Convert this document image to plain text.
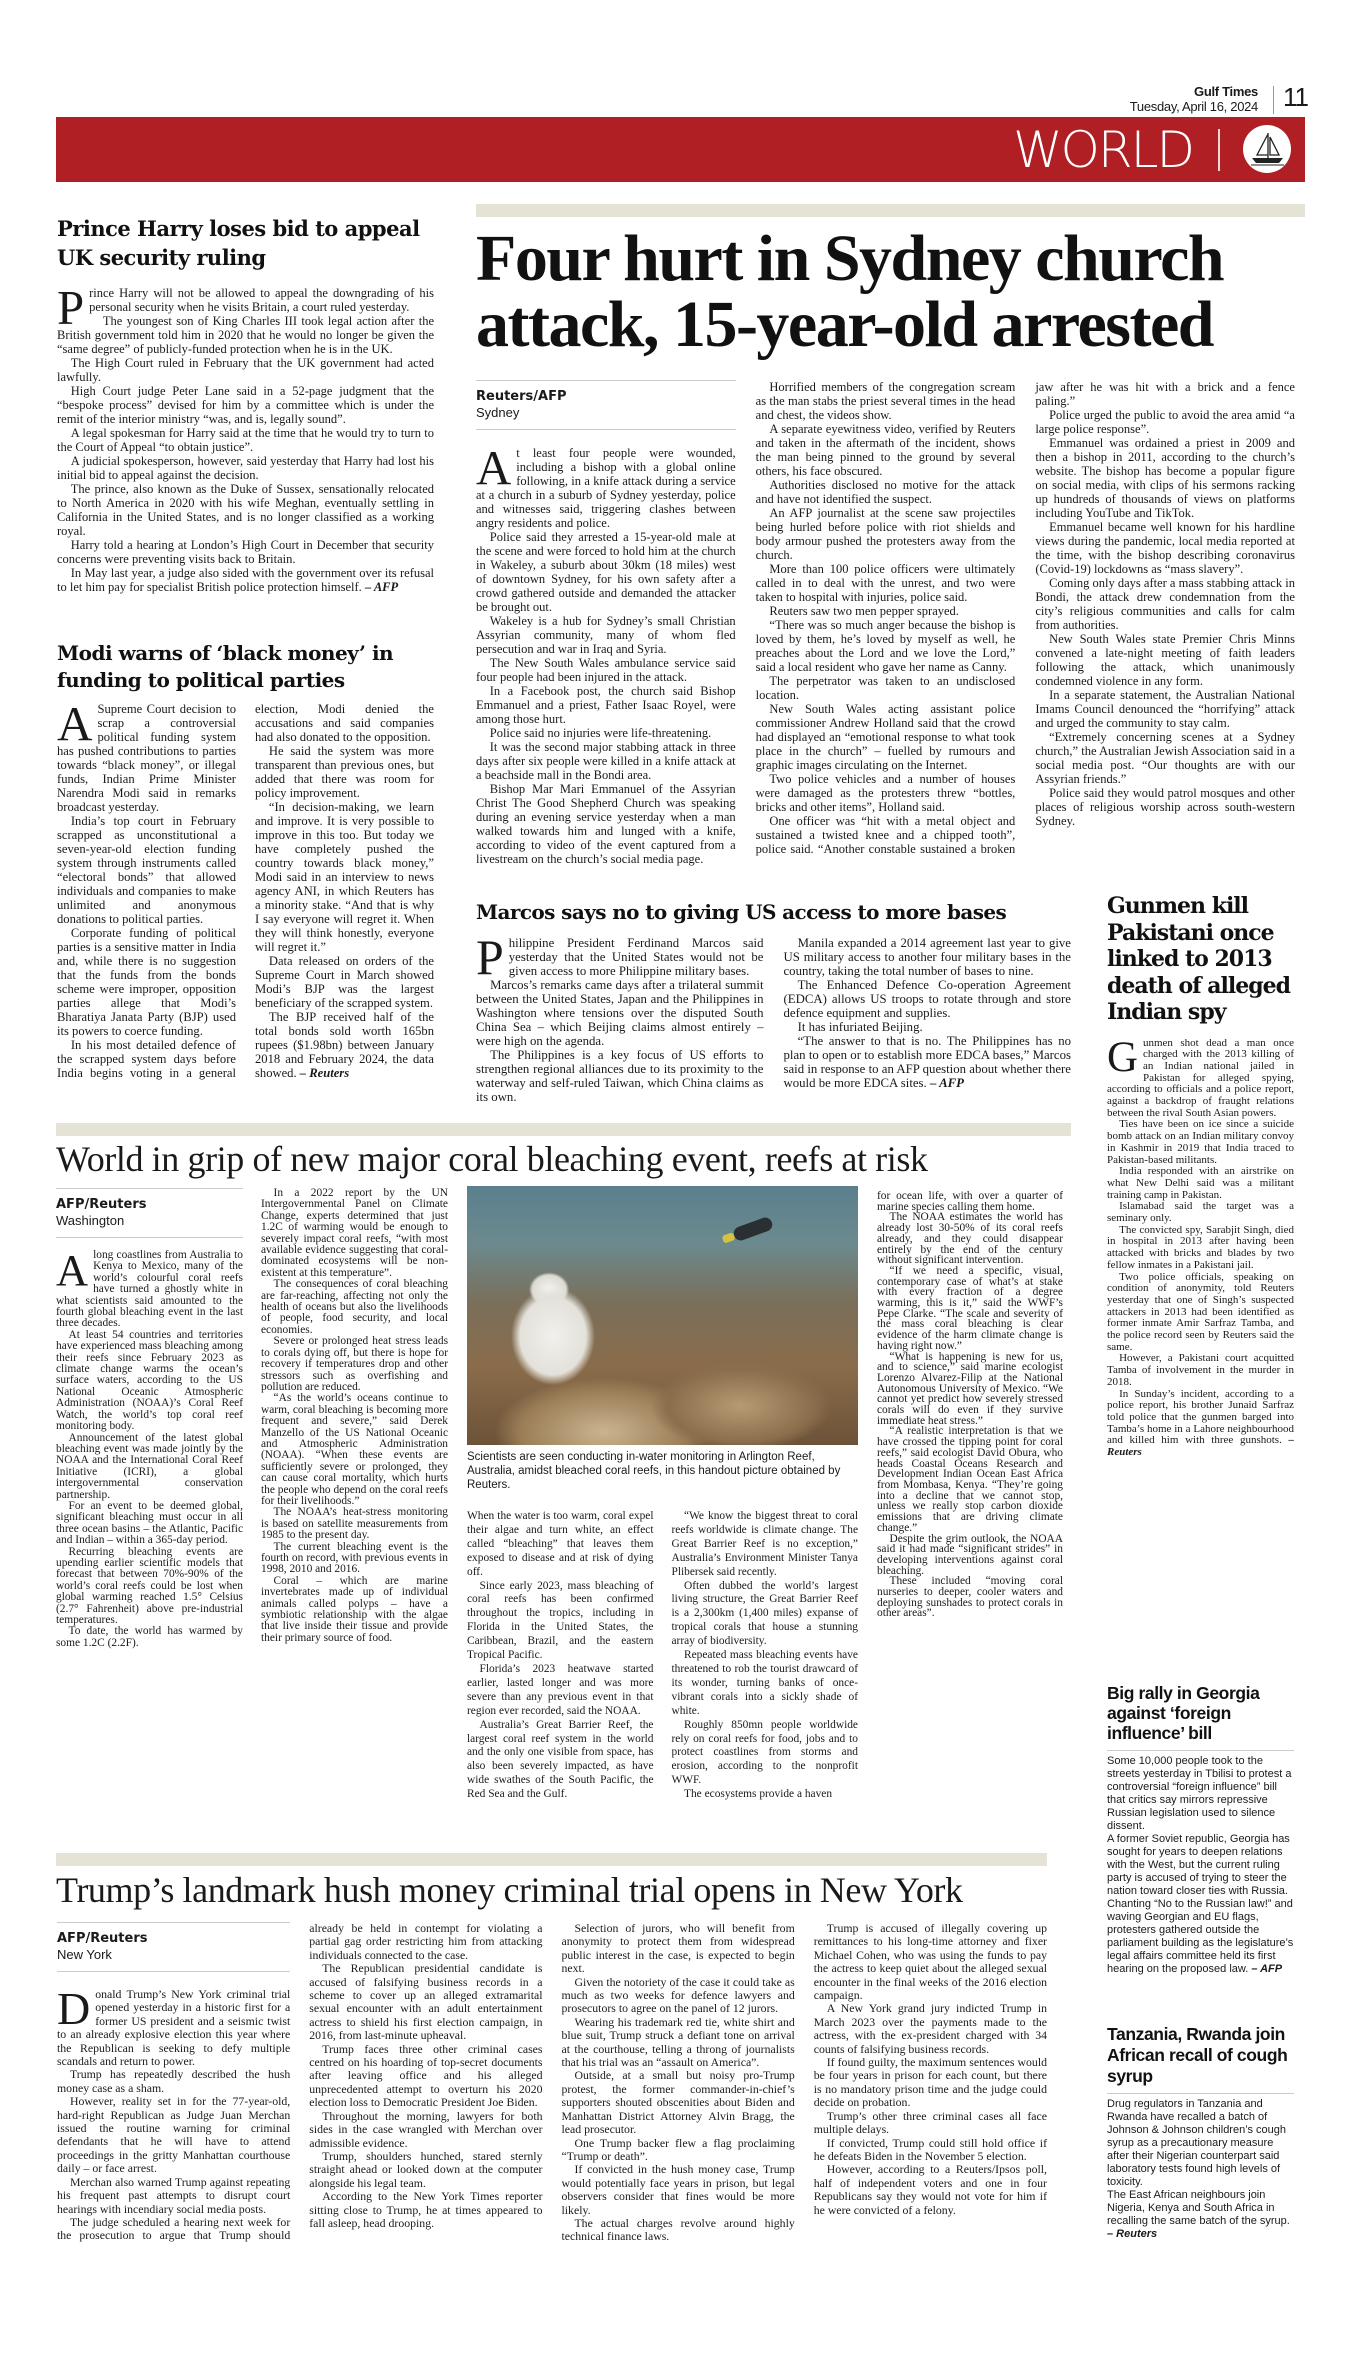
Gulf Times
Tuesday, April 16, 2024 11
WORLD
Prince Harry loses bid to appeal UK security ruling

Prince Harry will not be allowed to appeal the downgrading of his personal security when he visits Britain, a court ruled yesterday.

The youngest son of King Charles III took legal action after the British government told him in 2020 that he would no longer be given the “same degree” of publicly-funded protection when he is in the UK.

The High Court ruled in February that the UK government had acted lawfully.

High Court judge Peter Lane said in a 52-page judgment that the “bespoke process” devised for him by a committee which is under the remit of the interior ministry “was, and is, legally sound”.

A legal spokesman for Harry said at the time that he would try to turn to the Court of Appeal “to obtain justice”.

A judicial spokesperson, however, said yesterday that Harry had lost his initial bid to appeal against the decision.

The prince, also known as the Duke of Sussex, sensationally relocated to North America in 2020 with his wife Meghan, eventually settling in California in the United States, and is no longer classified as a working royal.

Harry told a hearing at London’s High Court in December that security concerns were preventing visits back to Britain.

In May last year, a judge also sided with the government over its refusal to let him pay for specialist British police protection himself. – AFP

Modi warns of ‘black money’ in funding to political parties

ASupreme Court decision to scrap a controversial political funding system has pushed contributions to parties towards “black money”, or illegal funds, Indian Prime Minister Narendra Modi said in remarks broadcast yesterday.

India’s top court in February scrapped as unconstitutional a seven-year-old election funding system through instruments called “electoral bonds” that allowed individuals and companies to make unlimited and anonymous donations to political parties.

Corporate funding of political parties is a sensitive matter in India and, while there is no suggestion that the funds from the bonds scheme were improper, opposition parties allege that Modi’s Bharatiya Janata Party (BJP) used its powers to coerce funding.

In his most detailed defence of the scrapped system days before India begins voting in a general election, Modi denied the accusations and said companies had also donated to the opposition.

He said the system was more transparent than previous ones, but added that there was room for policy improvement.

“In decision-making, we learn and improve. It is very possible to improve in this too. But today we have completely pushed the country towards black money,” Modi said in an interview to news agency ANI, in which Reuters has a minority stake. “And that is why I say everyone will regret it. When they will think honestly, everyone will regret it.”

Data released on orders of the Supreme Court in March showed Modi’s BJP was the largest beneficiary of the scrapped system.

The BJP received half of the total bonds sold worth 165bn rupees ($1.98bn) between January 2018 and February 2024, the data showed. – Reuters

Four hurt in Sydney church attack, 15-year-old arrested
Reuters/AFP
Sydney

At least four people were wounded, including a bishop with a global online following, in a knife attack during a service at a church in a suburb of Sydney yesterday, police and witnesses said, triggering clashes between angry residents and police.

Police said they arrested a 15-year-old male at the scene and were forced to hold him at the church in Wakeley, a suburb about 30km (18 miles) west of downtown Sydney, for his own safety after a crowd gathered outside and demanded the attacker be brought out.

Wakeley is a hub for Sydney’s small Christian Assyrian community, many of whom fled persecution and war in Iraq and Syria.

The New South Wales ambulance service said four people had been injured in the attack.

In a Facebook post, the church said Bishop Emmanuel and a priest, Father Isaac Royel, were among those hurt.

Police said no injuries were life-threatening.

It was the second major stabbing attack in three days after six people were killed in a knife attack at a beachside mall in the Bondi area.

Bishop Mar Mari Emmanuel of the Assyrian Christ The Good Shepherd Church was speaking during an evening service yesterday when a man walked towards him and lunged with a knife, according to video of the event captured from a livestream on the church’s social media page.

Horrified members of the congregation scream as the man stabs the priest several times in the head and chest, the videos show.

A separate eyewitness video, verified by Reuters and taken in the aftermath of the incident, shows the man being pinned to the ground by several others, his face obscured.

Authorities disclosed no motive for the attack and have not identified the suspect.

An AFP journalist at the scene saw projectiles being hurled before police with riot shields and body armour pushed the protesters away from the church.

More than 100 police officers were ultimately called in to deal with the unrest, and two were taken to hospital with injuries, police said.

Reuters saw two men pepper sprayed.

“There was so much anger because the bishop is loved by them, he’s loved by myself as well, he preaches about the Lord and we love the Lord,” said a local resident who gave her name as Canny.

The perpetrator was taken to an undisclosed location.

New South Wales acting assistant police commissioner Andrew Holland said that the crowd had displayed an “emotional response to what took place in the church” – fuelled by rumours and graphic images circulating on the Internet.

Two police vehicles and a number of houses were damaged as the protesters threw “bottles, bricks and other items”, Holland said.

One officer was “hit with a metal object and sustained a twisted knee and a chipped tooth”, police said. “Another constable sustained a broken jaw after he was hit with a brick and a fence paling.”

Police urged the public to avoid the area amid “a large police response”.

Emmanuel was ordained a priest in 2009 and then a bishop in 2011, according to the church’s website. The bishop has become a popular figure on social media, with clips of his sermons racking up hundreds of thousands of views on platforms including YouTube and TikTok.

Emmanuel became well known for his hardline views during the pandemic, local media reported at the time, with the bishop describing coronavirus (Covid-19) lockdowns as “mass slavery”.

Coming only days after a mass stabbing attack in Bondi, the attack drew condemnation from the city’s religious communities and calls for calm from authorities.

New South Wales state Premier Chris Minns convened a late-night meeting of faith leaders following the attack, which unanimously condemned violence in any form.

In a separate statement, the Australian National Imams Council denounced the “horrifying” attack and urged the community to stay calm.

“Extremely concerning scenes at a Sydney church,” the Australian Jewish Association said in a social media post. “Our thoughts are with our Assyrian friends.”

Police said they would patrol mosques and other places of religious worship across south-western Sydney.

Marcos says no to giving US access to more bases

Philippine President Ferdinand Marcos said yesterday that the United States would not be given access to more Philippine military bases.

Marcos’s remarks came days after a trilateral summit between the United States, Japan and the Philippines in Washington where tensions over the disputed South China Sea – which Beijing claims almost entirely – were high on the agenda.

The Philippines is a key focus of US efforts to strengthen regional alliances due to its proximity to the waterway and self-ruled Taiwan, which China claims as its own.

Manila expanded a 2014 agreement last year to give US military access to another four military bases in the country, taking the total number of bases to nine.

The Enhanced Defence Co-operation Agreement (EDCA) allows US troops to rotate through and store defence equipment and supplies.

It has infuriated Beijing.

“The answer to that is no. The Philippines has no plan to open or to establish more EDCA bases,” Marcos said in response to an AFP question about whether there would be more EDCA sites. – AFP

Gunmen kill Pakistani once linked to 2013 death of alleged Indian spy

Gunmen shot dead a man once charged with the 2013 killing of an Indian national jailed in Pakistan for alleged spying, according to officials and a police report, against a backdrop of fraught relations between the rival South Asian powers.

Ties have been on ice since a suicide bomb attack on an Indian military convoy in Kashmir in 2019 that India traced to Pakistan-based militants.

India responded with an airstrike on what New Delhi said was a militant training camp in Pakistan.

Islamabad said the target was a seminary only.

The convicted spy, Sarabjit Singh, died in hospital in 2013 after having been attacked with bricks and blades by two fellow inmates in a Pakistani jail.

Two police officials, speaking on condition of anonymity, told Reuters yesterday that one of Singh’s suspected attackers in 2013 had been identified as former inmate Amir Sarfraz Tamba, and the police record seen by Reuters said the same.

However, a Pakistani court acquitted Tamba of involvement in the murder in 2018.

In Sunday’s incident, according to a police report, his brother Junaid Sarfraz told police that the gunmen barged into Tamba’s home in a Lahore neighbourhood and killed him with three gunshots. – Reuters

Big rally in Georgia against ‘foreign influence’ bill

Some 10,000 people took to the streets yesterday in Tbilisi to protest a controversial “foreign influence” bill that critics say mirrors repressive Russian legislation used to silence dissent.

A former Soviet republic, Georgia has sought for years to deepen relations with the West, but the current ruling party is accused of trying to steer the nation toward closer ties with Russia.

Chanting “No to the Russian law!” and waving Georgian and EU flags, protesters gathered outside the parliament building as the legislature’s legal affairs committee held its first hearing on the proposed law. – AFP

Tanzania, Rwanda join African recall of cough syrup

Drug regulators in Tanzania and Rwanda have recalled a batch of Johnson & Johnson children’s cough syrup as a precautionary measure after their Nigerian counterpart said laboratory tests found high levels of toxicity.

The East African neighbours join Nigeria, Kenya and South Africa in recalling the same batch of the syrup. – Reuters

World in grip of new major coral bleaching event, reefs at risk
AFP/Reuters
Washington

Along coastlines from Australia to Kenya to Mexico, many of the world’s colourful coral reefs have turned a ghostly white in what scientists said amounted to the fourth global bleaching event in the last three decades.

At least 54 countries and territories have experienced mass bleaching among their reefs since February 2023 as climate change warms the ocean’s surface waters, according to the US National Oceanic Atmospheric Administration (NOAA)’s Coral Reef Watch, the world’s top coral reef monitoring body.

Announcement of the latest global bleaching event was made jointly by the NOAA and the International Coral Reef Initiative (ICRI), a global intergovernmental conservation partnership.

For an event to be deemed global, significant bleaching must occur in all three ocean basins – the Atlantic, Pacific and Indian – within a 365-day period.

Recurring bleaching events are upending earlier scientific models that forecast that between 70%-90% of the world’s coral reefs could be lost when global warming reached 1.5° Celsius (2.7° Fahrenheit) above pre-industrial temperatures.

To date, the world has warmed by some 1.2C (2.2F).

In a 2022 report by the UN Intergovernmental Panel on Climate Change, experts determined that just 1.2C of warming would be enough to severely impact coral reefs, “with most available evidence suggesting that coral-dominated ecosystems will be non-existent at this temperature”.

The consequences of coral bleaching are far-reaching, affecting not only the health of oceans but also the livelihoods of people, food security, and local economies.

Severe or prolonged heat stress leads to corals dying off, but there is hope for recovery if temperatures drop and other stressors such as overfishing and pollution are reduced.

“As the world’s oceans continue to warm, coral bleaching is becoming more frequent and severe,” said Derek Manzello of the US National Oceanic and Atmospheric Administration (NOAA). “When these events are sufficiently severe or prolonged, they can cause coral mortality, which hurts the people who depend on the coral reefs for their livelihoods.”

The NOAA’s heat-stress monitoring is based on satellite measurements from 1985 to the present day.

The current bleaching event is the fourth on record, with previous events in 1998, 2010 and 2016.

Coral – which are marine invertebrates made up of individual animals called polyps – have a symbiotic relationship with the algae that live inside their tissue and provide their primary source of food.

Scientists are seen conducting in-water monitoring in Arlington Reef, Australia, amidst bleached coral reefs, in this handout picture obtained by Reuters.

When the water is too warm, coral expel their algae and turn white, an effect called “bleaching” that leaves them exposed to disease and at risk of dying off.

Since early 2023, mass bleaching of coral reefs has been confirmed throughout the tropics, including in Florida in the United States, the Caribbean, Brazil, and the eastern Tropical Pacific.

Florida’s 2023 heatwave started earlier, lasted longer and was more severe than any previous event in that region ever recorded, said the NOAA.

Australia’s Great Barrier Reef, the largest coral reef system in the world and the only one visible from space, has also been severely impacted, as have wide swathes of the South Pacific, the Red Sea and the Gulf.

“We know the biggest threat to coral reefs worldwide is climate change. The Great Barrier Reef is no exception,” Australia’s Environment Minister Tanya Plibersek said recently.

Often dubbed the world’s largest living structure, the Great Barrier Reef is a 2,300km (1,400 miles) expanse of tropical corals that house a stunning array of biodiversity.

Repeated mass bleaching events have threatened to rob the tourist drawcard of its wonder, turning banks of once-vibrant corals into a sickly shade of white.

Roughly 850mn people worldwide rely on coral reefs for food, jobs and to protect coastlines from storms and erosion, according to the nonprofit WWF.

The ecosystems provide a haven

for ocean life, with over a quarter of marine species calling them home.

The NOAA estimates the world has already lost 30-50% of its coral reefs already, and they could disappear entirely by the end of the century without significant intervention.

“If we need a specific, visual, contemporary case of what’s at stake with every fraction of a degree warming, this is it,” said the WWF’s Pepe Clarke. “The scale and severity of the mass coral bleaching is clear evidence of the harm climate change is having right now.”

“What is happening is new for us, and to science,” said marine ecologist Lorenzo Alvarez-Filip at the National Autonomous University of Mexico. “We cannot yet predict how severely stressed corals will do even if they survive immediate heat stress.”

“A realistic interpretation is that we have crossed the tipping point for coral reefs,” said ecologist David Obura, who heads Coastal Oceans Research and Development Indian Ocean East Africa from Mombasa, Kenya. “They’re going into a decline that we cannot stop, unless we really stop carbon dioxide emissions that are driving climate change.”

Despite the grim outlook, the NOAA said it had made “significant strides” in developing interventions against coral bleaching.

These included “moving coral nurseries to deeper, cooler waters and deploying sunshades to protect corals in other areas”.

Trump’s landmark hush money criminal trial opens in New York
AFP/Reuters
New York

Donald Trump’s New York criminal trial opened yesterday in a historic first for a former US president and a seismic twist to an already explosive election this year where the Republican is seeking to defy multiple scandals and return to power.

Trump has repeatedly described the hush money case as a sham.

However, reality set in for the 77-year-old, hard-right Republican as Judge Juan Merchan issued the routine warning for criminal defendants that he will have to attend proceedings in the gritty Manhattan courthouse daily – or face arrest.

Merchan also warned Trump against repeating his frequent past attempts to disrupt court hearings with incendiary social media posts.

The judge scheduled a hearing next week for the prosecution to argue that Trump should already be held in contempt for violating a partial gag order restricting him from attacking individuals connected to the case.

The Republican presidential candidate is accused of falsifying business records in a scheme to cover up an alleged extramarital sexual encounter with an adult entertainment actress to shield his first election campaign, in 2016, from last-minute upheaval.

Trump faces three other criminal cases centred on his hoarding of top-secret documents after leaving office and his alleged unprecedented attempt to overturn his 2020 election loss to Democratic President Joe Biden.

Throughout the morning, lawyers for both sides in the case wrangled with Merchan over admissible evidence.

Trump, shoulders hunched, stared sternly straight ahead or looked down at the computer alongside his legal team.

According to the New York Times reporter sitting close to Trump, he at times appeared to fall asleep, head drooping.

Selection of jurors, who will benefit from anonymity to protect them from widespread public interest in the case, is expected to begin next.

Given the notoriety of the case it could take as much as two weeks for defence lawyers and prosecutors to agree on the panel of 12 jurors.

Wearing his trademark red tie, white shirt and blue suit, Trump struck a defiant tone on arrival at the courthouse, telling a throng of journalists that his trial was an “assault on America”.

Outside, at a small but noisy pro-Trump protest, the former commander-in-chief’s supporters shouted obscenities about Biden and Manhattan District Attorney Alvin Bragg, the lead prosecutor.

One Trump backer flew a flag proclaiming “Trump or death”.

If convicted in the hush money case, Trump would potentially face years in prison, but legal observers consider that fines would be more likely.

The actual charges revolve around highly technical finance laws.

Trump is accused of illegally covering up remittances to his long-time attorney and fixer Michael Cohen, who was using the funds to pay the actress to keep quiet about the alleged sexual encounter in the final weeks of the 2016 election campaign.

A New York grand jury indicted Trump in March 2023 over the payments made to the actress, with the ex-president charged with 34 counts of falsifying business records.

If found guilty, the maximum sentences would be four years in prison for each count, but there is no mandatory prison time and the judge could decide on probation.

Trump’s other three criminal cases all face multiple delays.

If convicted, Trump could still hold office if he defeats Biden in the November 5 election.

However, according to a Reuters/Ipsos poll, half of independent voters and one in four Republicans say they would not vote for him if he were convicted of a felony.
